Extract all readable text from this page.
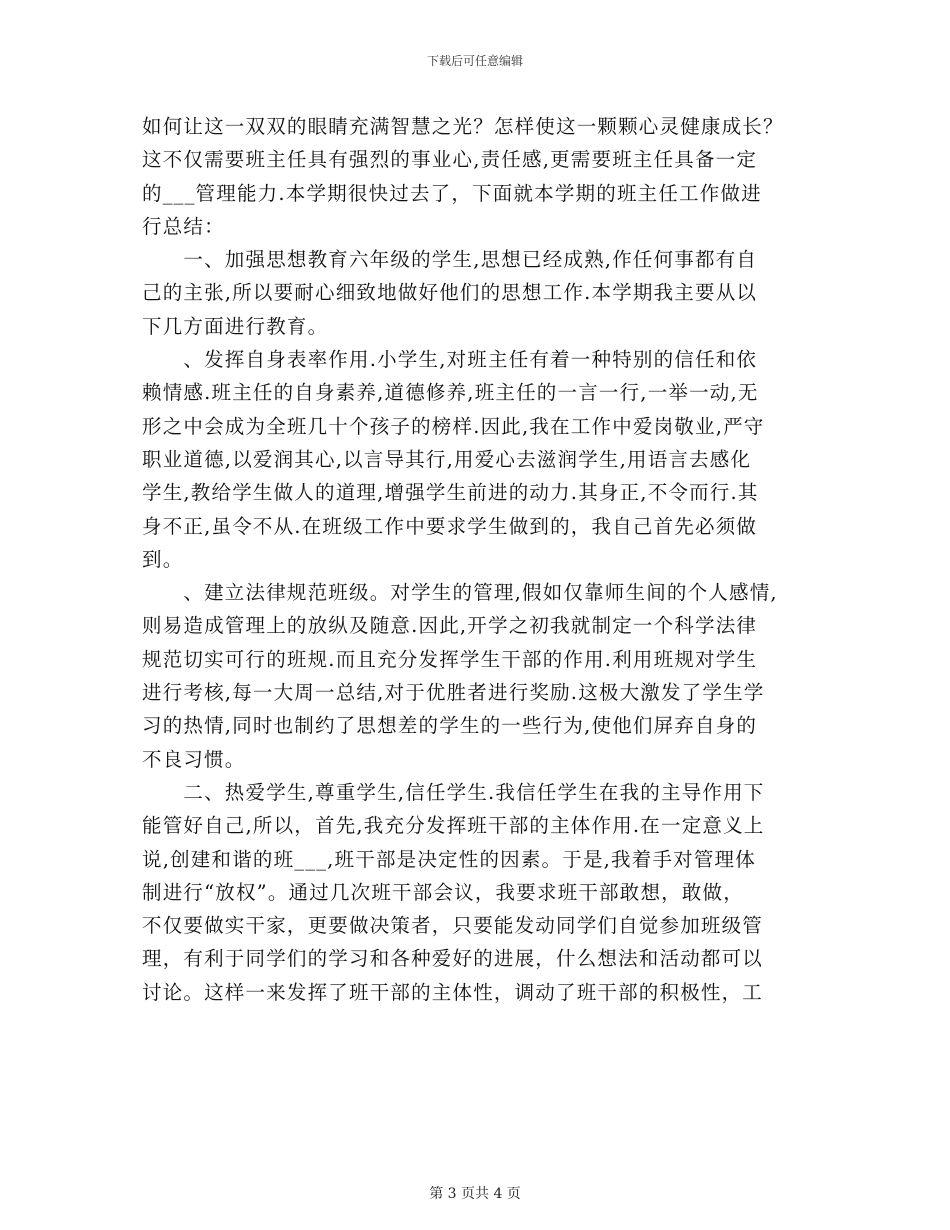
下载后可任意编辑
如何让这一双双的眼睛充满智慧之光？怎样使这一颗颗心灵健康成长？
这不仅需要班主任具有强烈的事业心,责任感,更需要班主任具备一定
的___管理能力.本学期很快过去了，下面就本学期的班主任工作做进
行总结：
　　一、加强思想教育六年级的学生,思想已经成熟,作任何事都有自
己的主张,所以要耐心细致地做好他们的思想工作.本学期我主要从以
下几方面进行教育。
　　、发挥自身表率作用.小学生,对班主任有着一种特别的信任和依
赖情感.班主任的自身素养,道德修养,班主任的一言一行,一举一动,无
形之中会成为全班几十个孩子的榜样.因此,我在工作中爱岗敬业,严守
职业道德,以爱润其心,以言导其行,用爱心去滋润学生,用语言去感化
学生,教给学生做人的道理,增强学生前进的动力.其身正,不令而行.其
身不正,虽令不从.在班级工作中要求学生做到的，我自己首先必须做
到。
　　、建立法律规范班级。对学生的管理,假如仅靠师生间的个人感情,
则易造成管理上的放纵及随意.因此,开学之初我就制定一个科学法律
规范切实可行的班规.而且充分发挥学生干部的作用.利用班规对学生
进行考核,每一大周一总结,对于优胜者进行奖励.这极大激发了学生学
习的热情,同时也制约了思想差的学生的一些行为,使他们屏弃自身的
不良习惯。
　　二、热爱学生,尊重学生,信任学生.我信任学生在我的主导作用下
能管好自己,所以，首先,我充分发挥班干部的主体作用.在一定意义上
说,创建和谐的班___,班干部是决定性的因素。于是,我着手对管理体
制进行“放权”。通过几次班干部会议，我要求班干部敢想，敢做，
不仅要做实干家，更要做决策者，只要能发动同学们自觉参加班级管
理，有利于同学们的学习和各种爱好的进展，什么想法和活动都可以
讨论。这样一来发挥了班干部的主体性，调动了班干部的积极性，工
第 3 页共 4 页
